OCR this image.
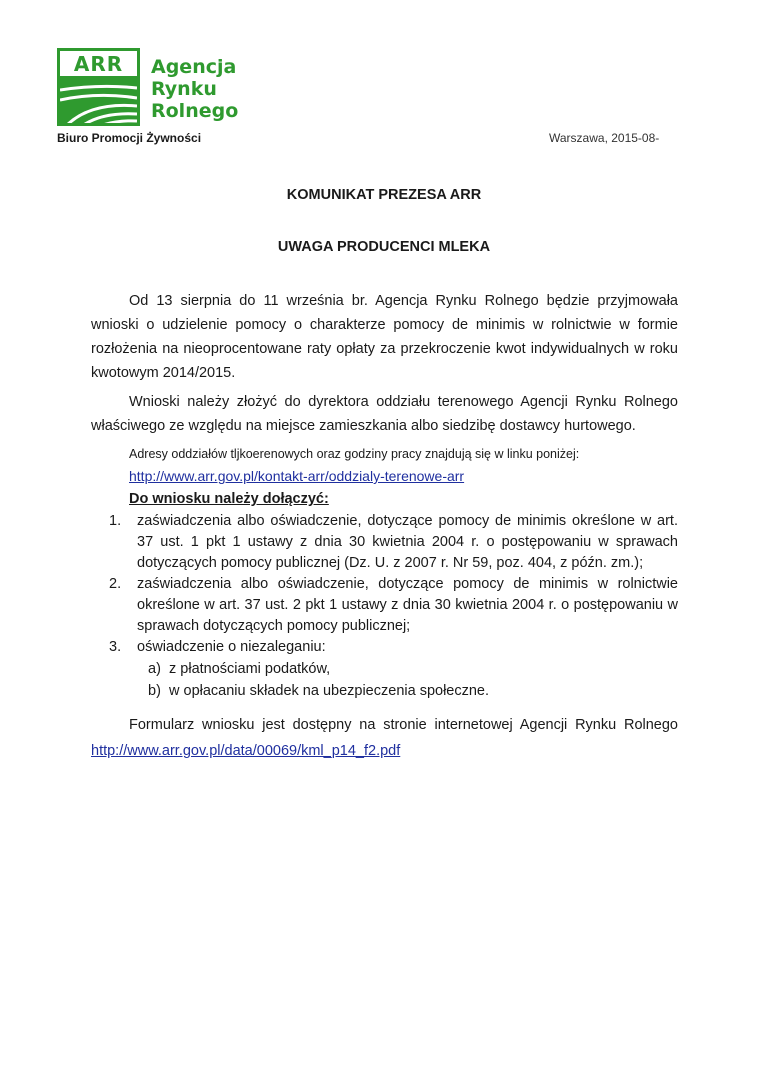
ARR	Agencja

Rynku

Rolnego

Biuro Promocji Żywności	Warszawa, 2015-08-
KOMUNIKAT PREZESA ARR
UWAGA PRODUCENCI MLEKA

Od 13 sierpnia do 11 września br. Agencja Rynku Rolnego będzie przyjmowała wnioski o udzielenie pomocy o charakterze pomocy de minimis w rolnictwie w formie rozłożenia na nieoprocentowane raty opłaty za przekroczenie kwot indywidualnych w roku kwotowym 2014/2015.

Wnioski należy złożyć do dyrektora oddziału terenowego Agencji Rynku Rolnego właściwego ze względu na miejsce zamieszkania albo siedzibę dostawcy hurtowego.

Adresy oddziałów tljkoerenowych oraz godziny pracy znajdują się w linku poniżej:

http://www.arr.gov.pl/kontakt-arr/oddzialy-terenowe-arr

Do wniosku należy dołączyć:

1. zaświadczenia albo oświadczenie, dotyczące pomocy de minimis określone w art. 37 ust. 1 pkt 1 ustawy z dnia 30 kwietnia 2004 r. o postępowaniu w sprawach dotyczących pomocy publicznej (Dz. U. z 2007 r. Nr 59, poz. 404, z późn. zm.);
2. zaświadczenia albo oświadczenie, dotyczące pomocy de minimis w rolnictwie określone w art. 37 ust. 2 pkt 1 ustawy z dnia 30 kwietnia 2004 r. o postępowaniu w sprawach dotyczących pomocy publicznej;
3. oświadczenie o niezaleganiu:
a) z płatnościami podatków,
b) w opłacaniu składek na ubezpieczenia społeczne.

Formularz wniosku jest dostępny na stronie internetowej Agencji Rynku Rolnego http://www.arr.gov.pl/data/00069/kml_p14_f2.pdf
